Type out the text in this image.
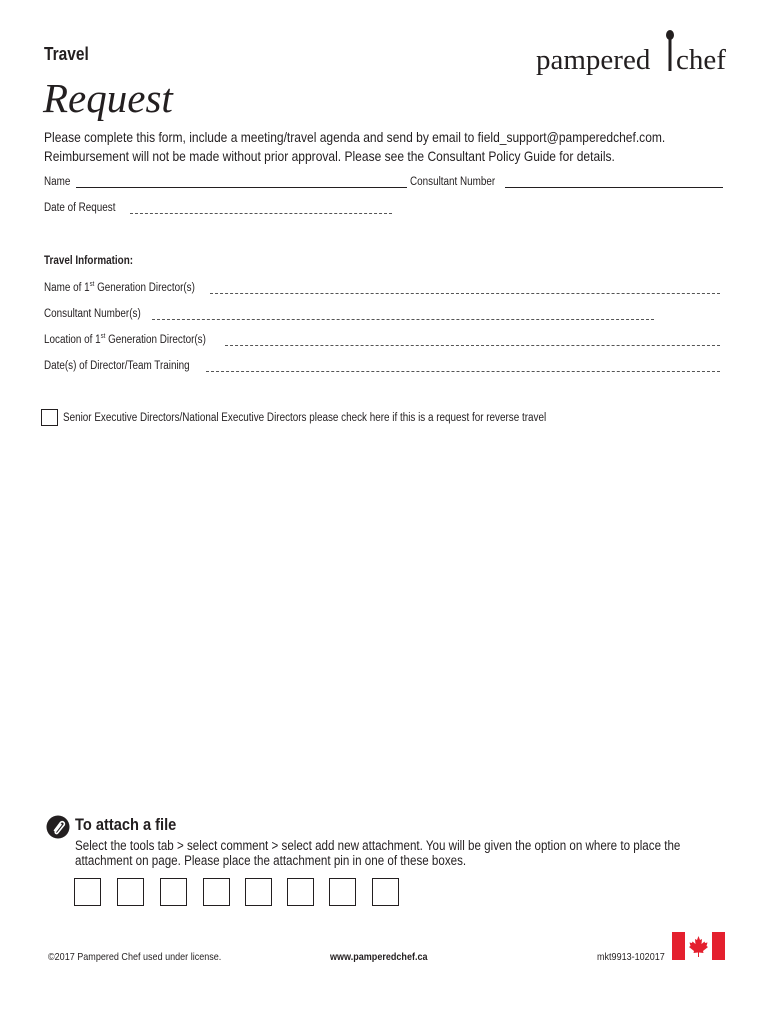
Travel
Request
pampered chef
Please complete this form, include a meeting/travel agenda and send by email to field_support@pamperedchef.com.
Reimbursement will not be made without prior approval. Please see the Consultant Policy Guide for details.
Name	Consultant Number
Date of Request
Travel Information:
Name of 1st Generation Director(s)
Consultant Number(s)
Location of 1st Generation Director(s)
Date(s) of Director/Team Training
Senior Executive Directors/National Executive Directors please check here if this is a request for reverse travel
To attach a file
Select the tools tab > select comment > select add new attachment. You will be given the option on where to place the
attachment on page. Please place the attachment pin in one of these boxes.
©2017 Pampered Chef used under license.	www.pamperedchef.ca	mkt9913-102017
